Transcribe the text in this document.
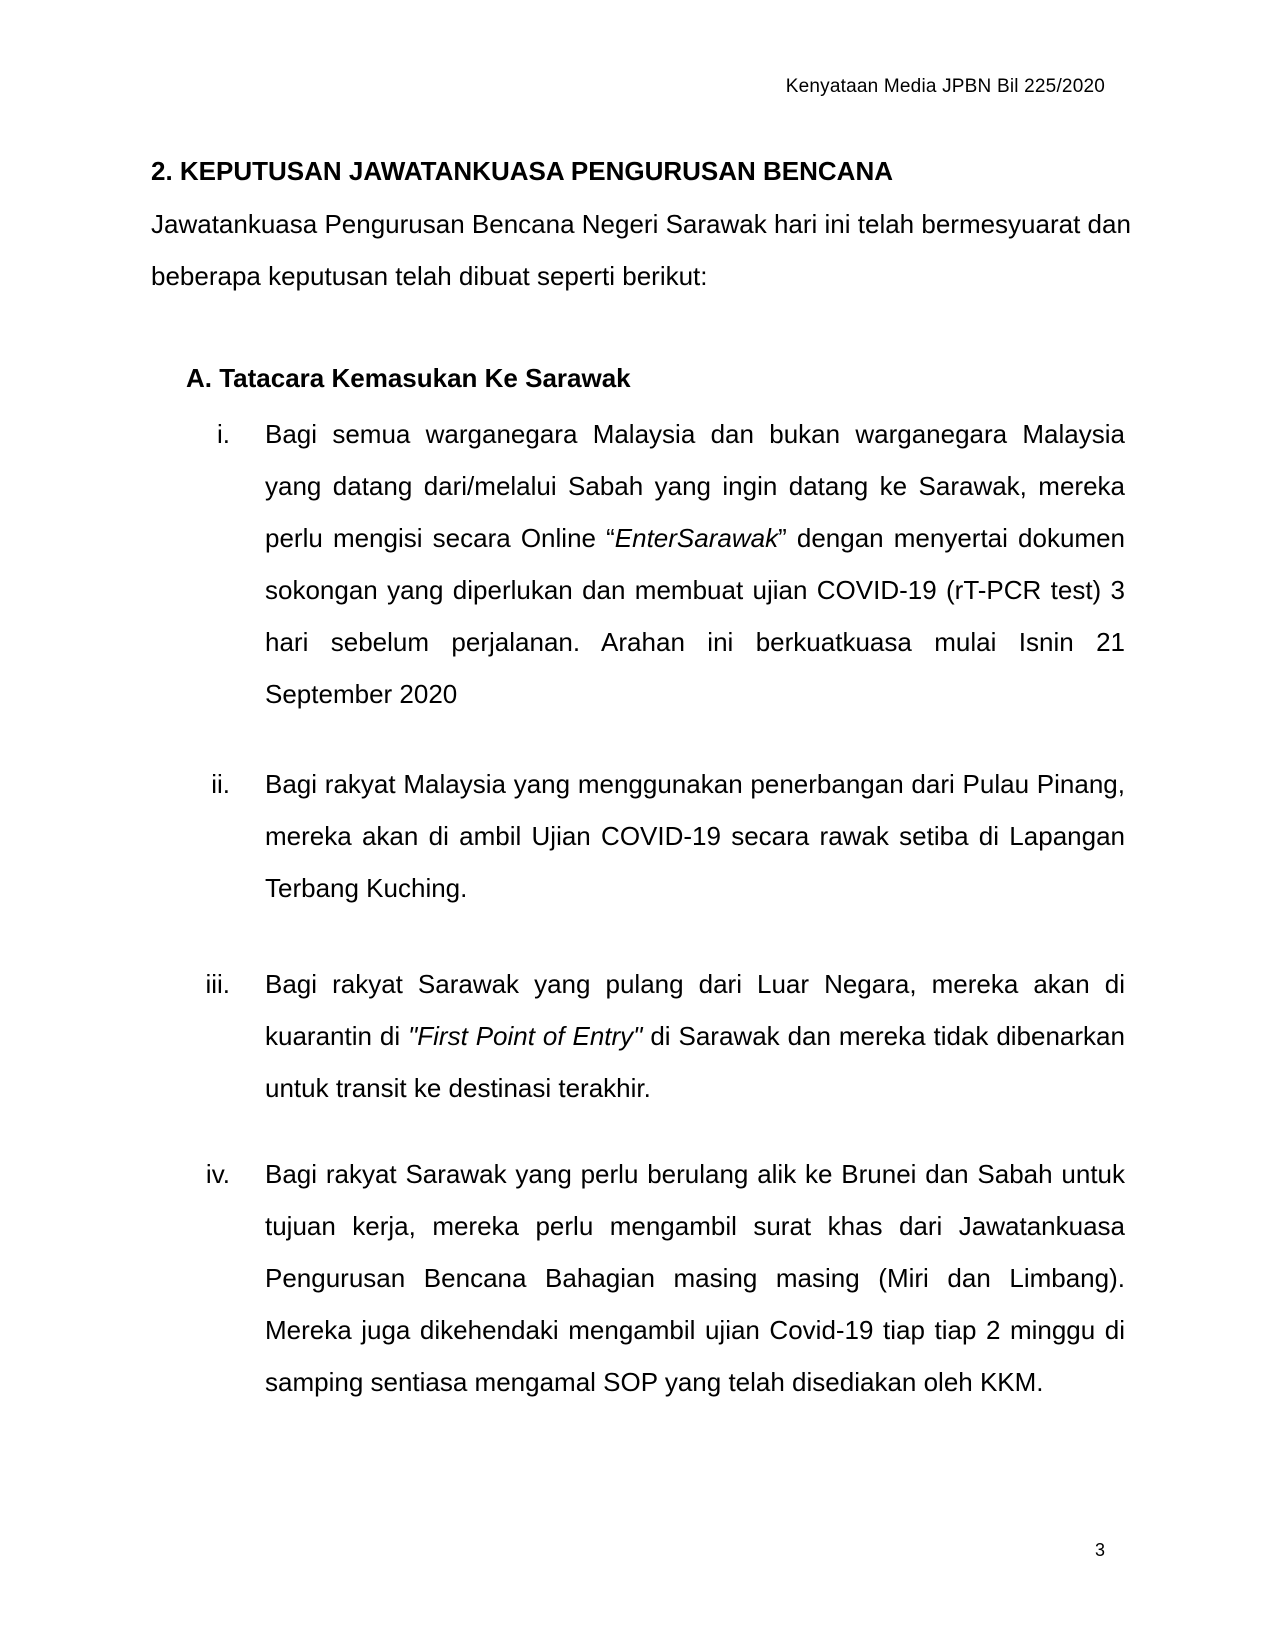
Kenyataan Media JPBN Bil 225/2020
2. KEPUTUSAN JAWATANKUASA PENGURUSAN BENCANA

Jawatankuasa Pengurusan Bencana Negeri Sarawak hari ini telah bermesyuarat dan beberapa keputusan telah dibuat seperti berikut:

A. Tatacara Kemasukan Ke Sarawak
i. Bagi semua warganegara Malaysia dan bukan warganegara Malaysia yang datang dari/melalui Sabah yang ingin datang ke Sarawak, mereka perlu mengisi secara Online “EnterSarawak” dengan menyertai dokumen sokongan yang diperlukan dan membuat ujian COVID-19 (rT-PCR test) 3 hari sebelum perjalanan. Arahan ini berkuatkuasa mulai Isnin 21 September 2020
ii. Bagi rakyat Malaysia yang menggunakan penerbangan dari Pulau Pinang, mereka akan di ambil Ujian COVID-19 secara rawak setiba di Lapangan Terbang Kuching.
iii. Bagi rakyat Sarawak yang pulang dari Luar Negara, mereka akan di kuarantin di "First Point of Entry" di Sarawak dan mereka tidak dibenarkan untuk transit ke destinasi terakhir.
iv. Bagi rakyat Sarawak yang perlu berulang alik ke Brunei dan Sabah untuk tujuan kerja, mereka perlu mengambil surat khas dari Jawatankuasa Pengurusan Bencana Bahagian masing masing (Miri dan Limbang). Mereka juga dikehendaki mengambil ujian Covid-19 tiap tiap 2 minggu di samping sentiasa mengamal SOP yang telah disediakan oleh KKM.
3
